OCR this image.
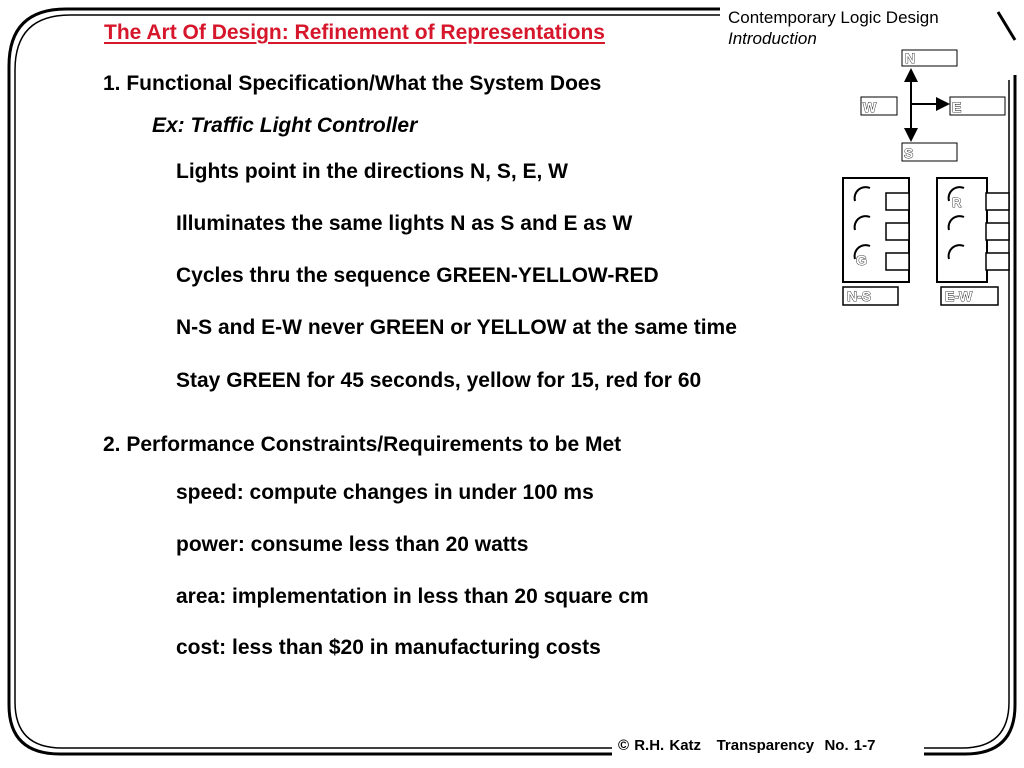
N
W	E
S
G
N-S
R
E-W
The Art Of Design: Refinement of Representations
Contemporary Logic Design
Introduction
1. Functional Specification/What the System Does
Ex: Traffic Light Controller
Lights point in the directions N, S, E, W
Illuminates the same lights N as S and E as W
Cycles thru the sequence GREEN-YELLOW-RED
N-S and E-W never GREEN or YELLOW at the same time
Stay GREEN for 45 seconds, yellow for 15, red for 60
2. Performance Constraints/Requirements to be Met
speed: compute changes in under 100 ms
power: consume less than 20 watts
area: implementation in less than 20 square cm
cost: less than $20 in manufacturing costs
© R.H. Katz Transparency  No. 1-7
